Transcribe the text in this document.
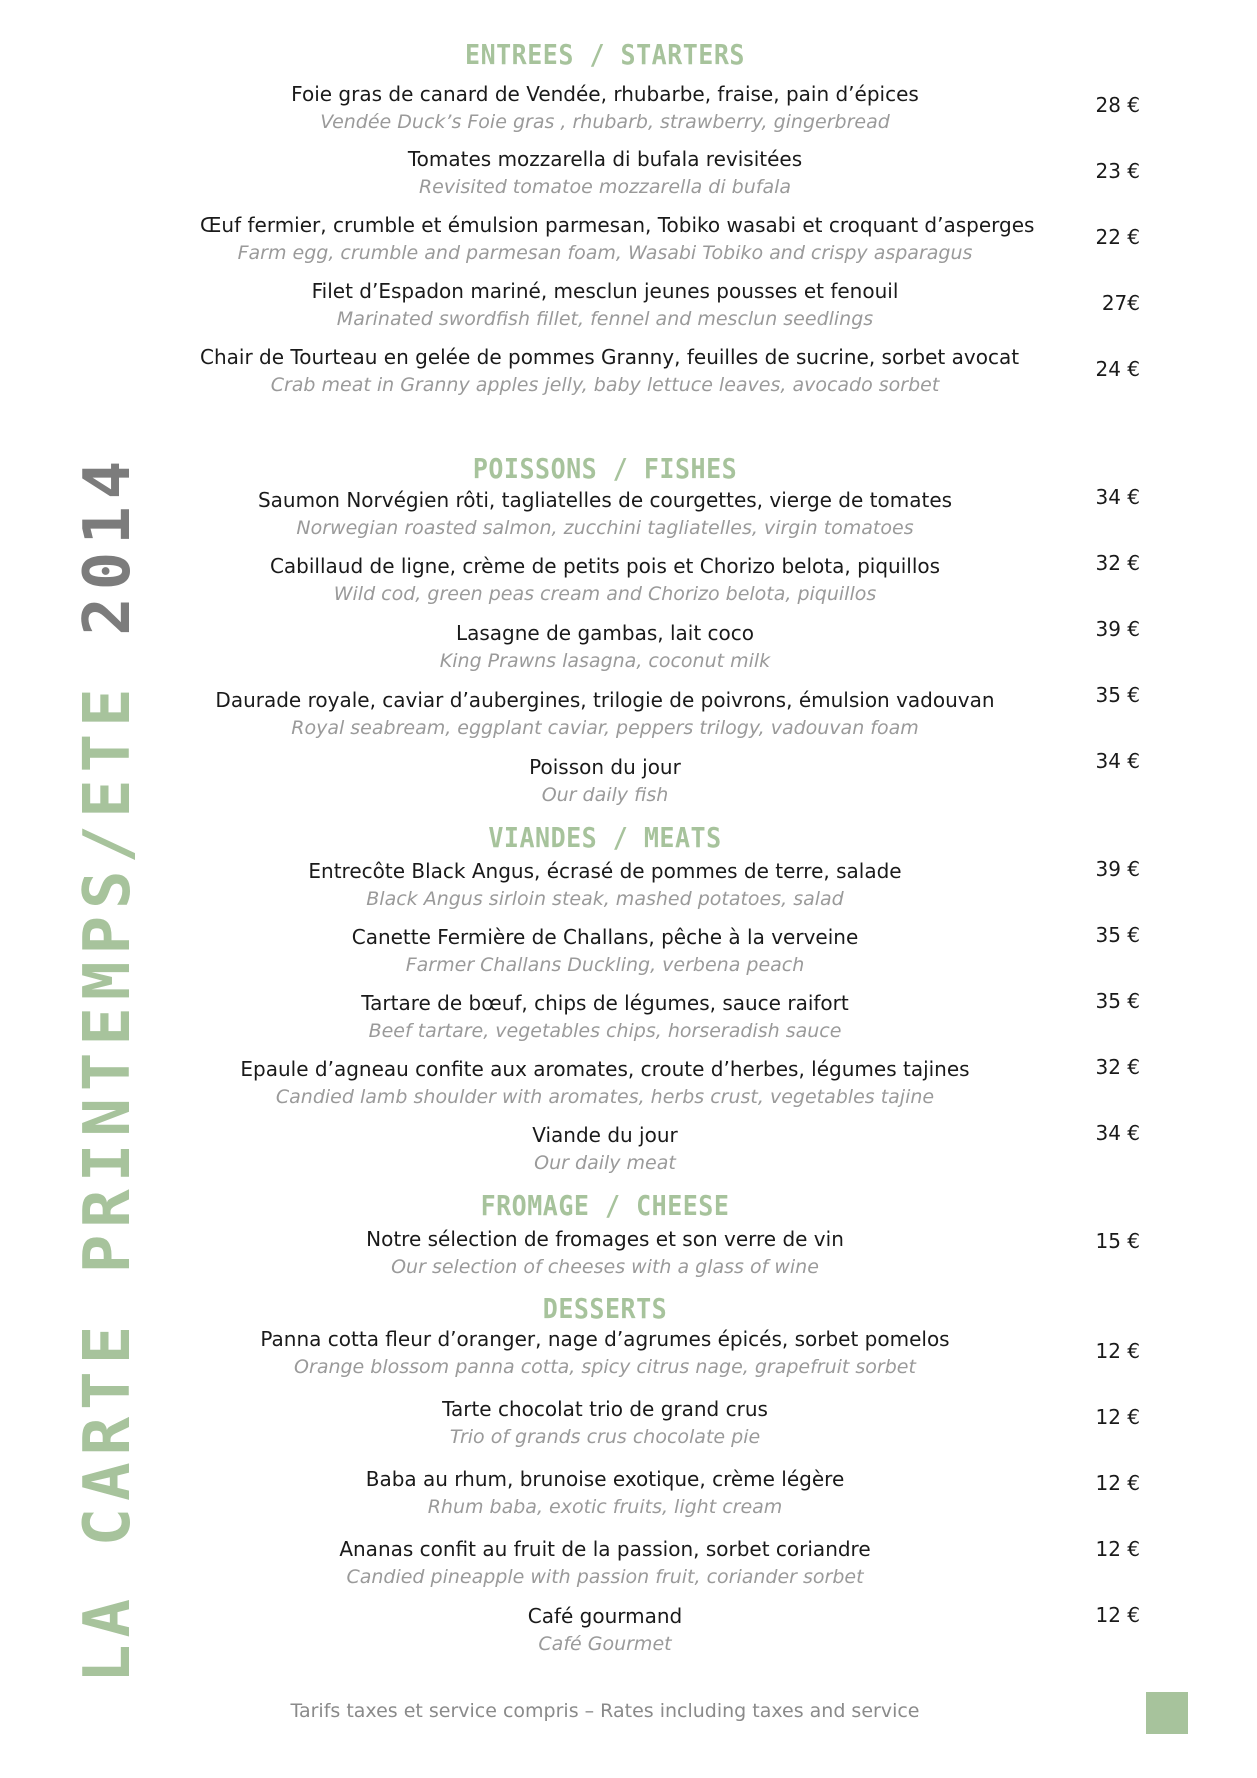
LA CARTE PRINTEMPS/ETE 2014
ENTREES / STARTERS
Foie gras de canard de Vendée, rhubarbe, fraise, pain d’épices
Vendée Duck’s Foie gras , rhubarb, strawberry, gingerbread
28 €
Tomates mozzarella di bufala revisitées
Revisited tomatoe mozzarella di bufala
23 €
Œuf fermier, crumble et émulsion parmesan, Tobiko wasabi et croquant d’asperges
Farm egg, crumble and parmesan foam, Wasabi Tobiko and crispy asparagus
22 €
Filet d’Espadon mariné, mesclun jeunes pousses et fenouil
Marinated swordfish fillet, fennel and mesclun seedlings
27€
Chair de Tourteau en gelée de pommes Granny, feuilles de sucrine, sorbet avocat
Crab meat in Granny apples jelly, baby lettuce leaves, avocado sorbet
24 €
POISSONS / FISHES
Saumon Norvégien rôti, tagliatelles de courgettes, vierge de tomates
Norwegian roasted salmon, zucchini tagliatelles, virgin tomatoes
34 €
Cabillaud de ligne, crème de petits pois et Chorizo belota, piquillos
Wild cod, green peas cream and Chorizo belota, piquillos
32 €
Lasagne de gambas, lait coco
King Prawns lasagna, coconut milk
39 €
Daurade royale, caviar d’aubergines, trilogie de poivrons, émulsion vadouvan
Royal seabream, eggplant caviar, peppers trilogy, vadouvan foam
35 €
Poisson du jour
Our daily fish
34 €
VIANDES / MEATS
Entrecôte Black Angus, écrasé de pommes de terre, salade
Black Angus sirloin steak, mashed potatoes, salad
39 €
Canette Fermière de Challans, pêche à la verveine
Farmer Challans Duckling, verbena peach
35 €
Tartare de bœuf, chips de légumes, sauce raifort
Beef tartare, vegetables chips, horseradish sauce
35 €
Epaule d’agneau confite aux aromates, croute d’herbes, légumes tajines
Candied lamb shoulder with aromates, herbs crust, vegetables tajine
32 €
Viande du jour
Our daily meat
34 €
FROMAGE / CHEESE
Notre sélection de fromages et son verre de vin
Our selection of cheeses with a glass of wine
15 €
DESSERTS
Panna cotta fleur d’oranger, nage d’agrumes épicés, sorbet pomelos
Orange blossom panna cotta, spicy citrus nage, grapefruit sorbet
12 €
Tarte chocolat trio de grand crus
Trio of grands crus chocolate pie
12 €
Baba au rhum, brunoise exotique, crème légère
Rhum baba, exotic fruits, light cream
12 €
Ananas confit au fruit de la passion, sorbet coriandre
Candied pineapple with passion fruit, coriander sorbet
12 €
Café gourmand
Café Gourmet
12 €
Tarifs taxes et service compris – Rates including taxes and service
